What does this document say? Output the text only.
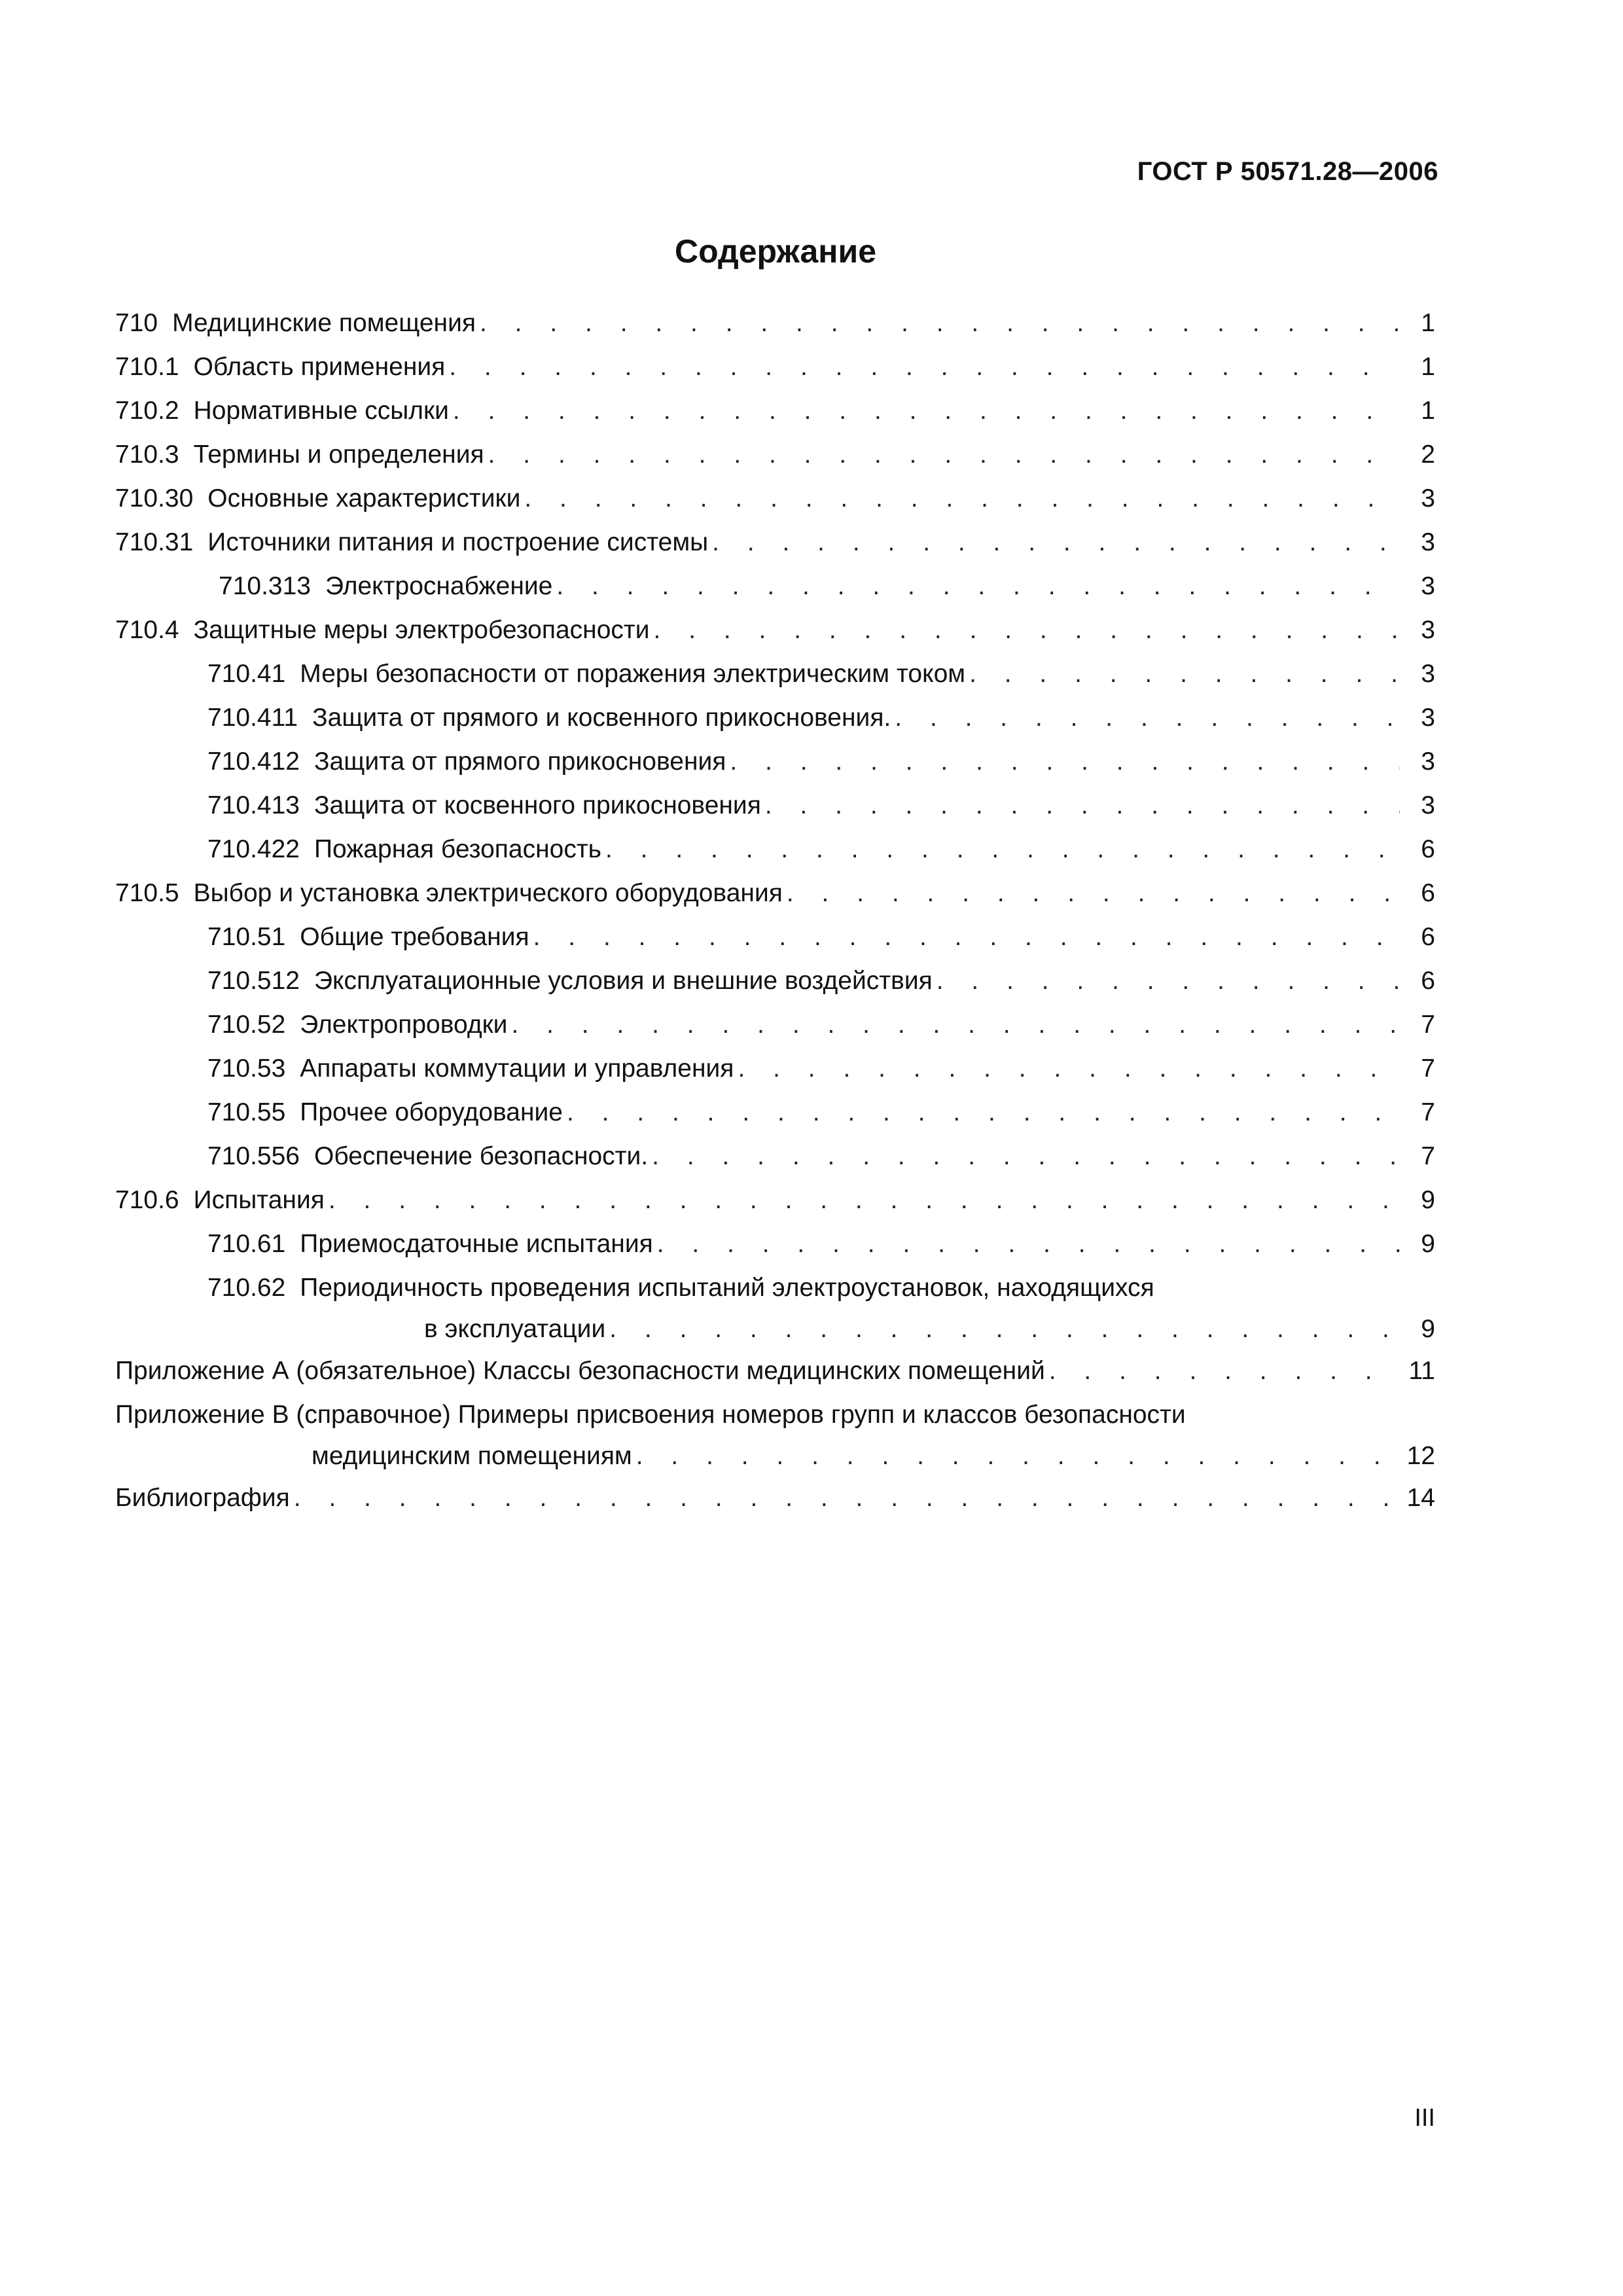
ГОСТ Р 50571.28—2006
Содержание
710 Медицинские помещения . . .	1
710.1 Область применения . . .	1
710.2 Нормативные ссылки . . .	1
710.3 Термины и определения . . .	2
710.30 Основные характеристики . . .	3
710.31 Источники питания и построение системы . . .	3
710.313 Электроснабжение . . .	3
710.4 Защитные меры электробезопасности . . .	3
710.41 Меры безопасности от поражения электрическим током . . .	3
710.411 Защита от прямого и косвенного прикосновения. . . .	3
710.412 Защита от прямого прикосновения . . .	3
710.413 Защита от косвенного прикосновения . . .	3
710.422 Пожарная безопасность . . .	6
710.5 Выбор и установка электрического оборудования . . .	6
710.51 Общие требования . . .	6
710.512 Эксплуатационные условия и внешние воздействия . . .	6
710.52 Электропроводки . . .	7
710.53 Аппараты коммутации и управления . . .	7
710.55 Прочее оборудование . . .	7
710.556 Обеспечение безопасности. . . .	7
710.6 Испытания . . .	9
710.61 Приемосдаточные испытания . . .	9
710.62 Периодичность проведения испытаний электроустановок, находящихся
в эксплуатации . . .	9
Приложение А (обязательное) Классы безопасности медицинских помещений . . .	11
Приложение В (справочное) Примеры присвоения номеров групп и классов безопасности
медицинским помещениям . . .	12
Библиография . . .	14
III
